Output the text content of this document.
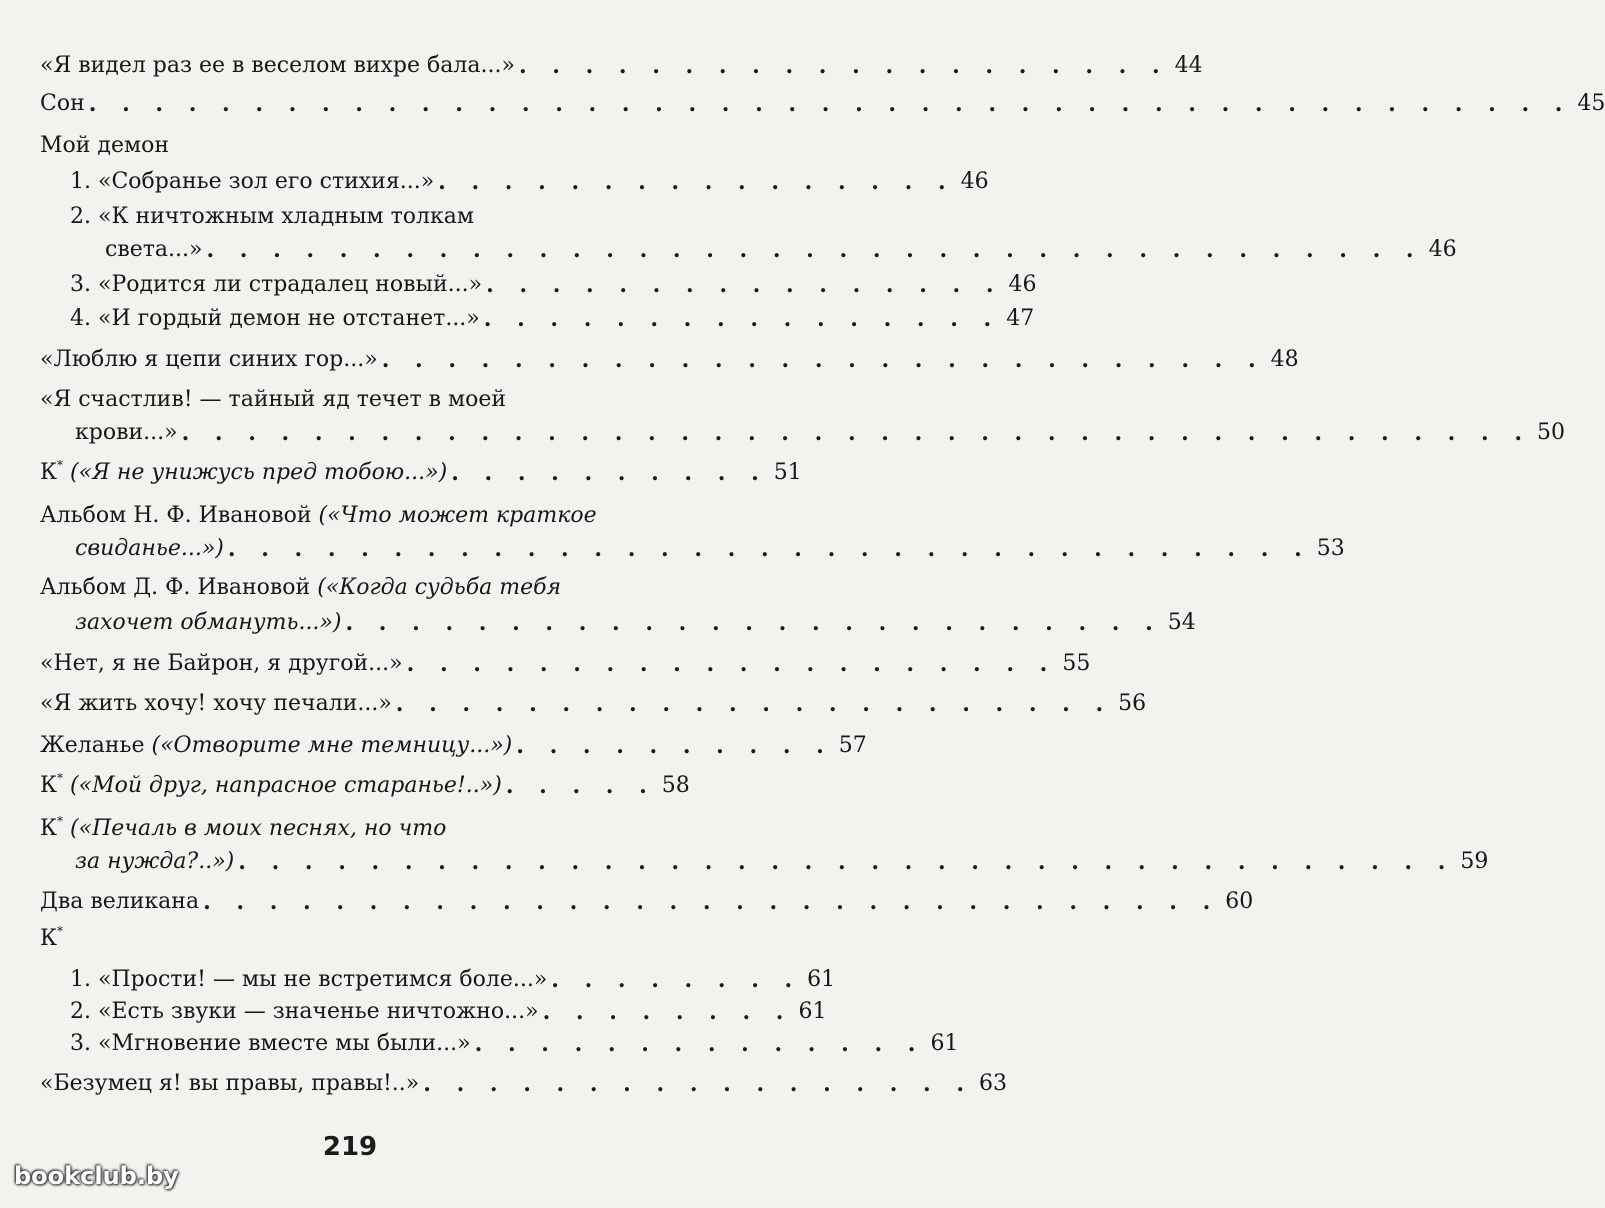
«Я видел раз ее в веселом вихре бала...» . . . . . . . . . . . . . . . . . . . . 44
Сон . . . . . . . . . . . . . . . . . . . . . . . . . . . . . . . . . . . . . . . . . . . . . 45
Мой демон
1. «Собранье зол его стихия...» . . . . . . . . . . . . . . . . 46
2. «К ничтожным хладным толкам
света...» . . . . . . . . . . . . . . . . . . . . . . . . . . . . . . . . . . . . . 46
3. «Родится ли страдалец новый...» . . . . . . . . . . . . . . . . 46
4. «И гордый демон не отстанет...» . . . . . . . . . . . . . . . . 47
«Люблю я цепи синих гор...» . . . . . . . . . . . . . . . . . . . . . . . . . . . 48
«Я счастлив! — тайный яд течет в моей
крови...» . . . . . . . . . . . . . . . . . . . . . . . . . . . . . . . . . . . . . . . . . 50
К* («Я не унижусь пред тобою...») . . . . . . . . . . 51
Альбом Н. Ф. Ивановой («Что может краткое
свиданье...») . . . . . . . . . . . . . . . . . . . . . . . . . . . . . . . . . 53
Альбом Д. Ф. Ивановой («Когда судьба тебя
захочет обмануть...») . . . . . . . . . . . . . . . . . . . . . . . . . 54
«Нет, я не Байрон, я другой...» . . . . . . . . . . . . . . . . . . . . 55
«Я жить хочу! хочу печали...» . . . . . . . . . . . . . . . . . . . . . . 56
Желанье («Отворите мне темницу...») . . . . . . . . . . 57
К* («Мой друг, напрасное старанье!..») . . . . . 58
К* («Печаль в моих песнях, но что
за нужда?..») . . . . . . . . . . . . . . . . . . . . . . . . . . . . . . . . . . . . . 59
Два великана . . . . . . . . . . . . . . . . . . . . . . . . . . . . . . . 60
К*
1. «Прости! — мы не встретимся боле...» . . . . . . . . 61
2. «Есть звуки — значенье ничтожно...» . . . . . . . . 61
3. «Мгновение вместе мы были...» . . . . . . . . . . . . . . 61
«Безумец я! вы правы, правы!..» . . . . . . . . . . . . . . . . . 63
219
bookclub.by
